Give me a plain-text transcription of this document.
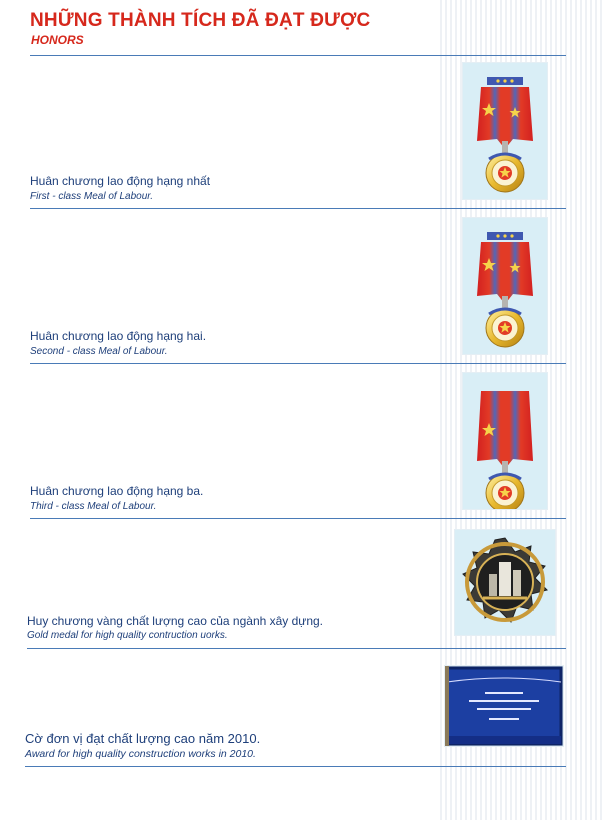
NHỮNG THÀNH TÍCH ĐÃ ĐẠT ĐƯỢC
HONORS
Huân chương lao động hạng nhất
First - class Meal of Labour.
Huân chương lao động hạng hai.
Second - class Meal of Labour.
Huân chương lao động hạng ba.
Third - class Meal of Labour.
Huy chương vàng chất lượng cao của ngành xây dựng.
Gold medal for high quality contruction uorks.
Cờ đơn vị đạt chất lượng cao năm 2010.
Award for high quality construction works in 2010.
